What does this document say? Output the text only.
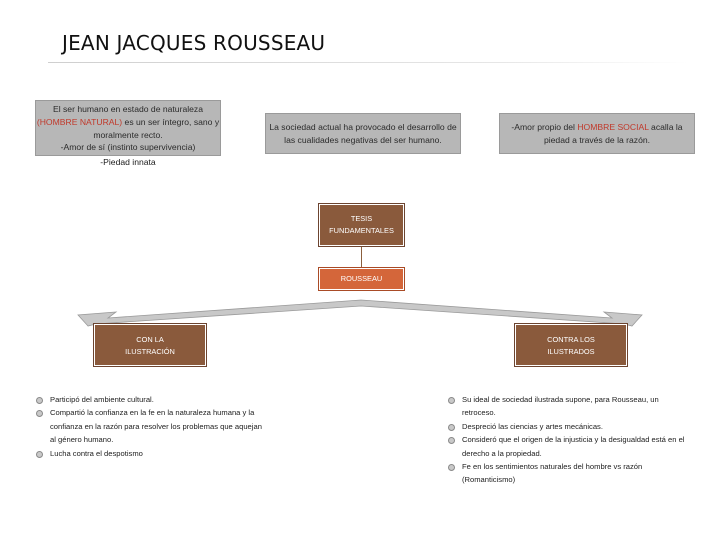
JEAN JACQUES ROUSSEAU
El ser humano en estado de naturaleza
(HOMBRE NATURAL) es un ser íntegro, sano y
moralmente recto.
-Amor de sí (instinto supervivencia)
-Piedad innata
La sociedad actual ha provocado el desarrollo de
las cualidades negativas del ser humano.
-Amor propio del HOMBRE SOCIAL acalla la
piedad a través de la razón.
TESIS
FUNDAMENTALES
ROUSSEAU
CON LA
ILUSTRACIÓN
CONTRA LOS
ILUSTRADOS
Participó del ambiente cultural.
Compartió la confianza en la fe en la naturaleza humana y la confianza en la razón para resolver los problemas que aquejan al género humano.
Lucha contra el despotismo
Su ideal de sociedad ilustrada supone, para Rousseau, un retroceso.
Despreció las ciencias y artes mecánicas.
Consideró que el origen de la injusticia y la desigualdad está en el derecho a la propiedad.
Fe en los sentimientos naturales del hombre vs razón (Romanticismo)
